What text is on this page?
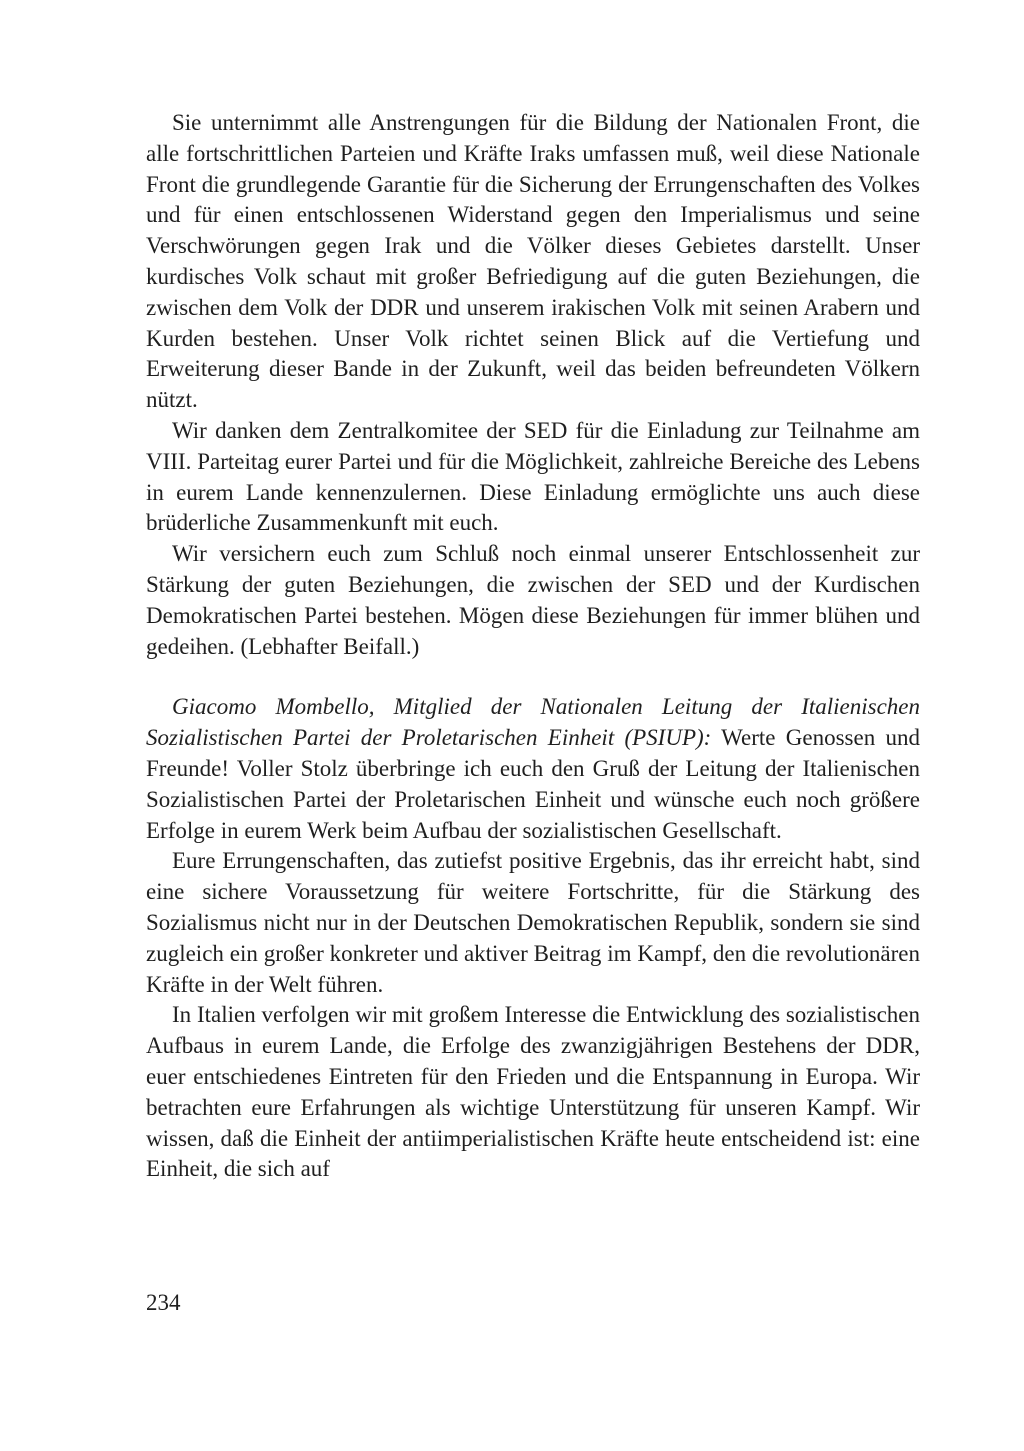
Sie unternimmt alle Anstrengungen für die Bildung der Nationalen Front, die alle fortschrittlichen Parteien und Kräfte Iraks umfassen muß, weil diese Nationale Front die grundlegende Garantie für die Sicherung der Errungenschaften des Volkes und für einen entschlossenen Widerstand gegen den Imperialismus und seine Verschwörungen gegen Irak und die Völker dieses Gebietes darstellt. Unser kurdisches Volk schaut mit großer Befriedigung auf die guten Beziehungen, die zwischen dem Volk der DDR und unserem irakischen Volk mit seinen Arabern und Kurden bestehen. Unser Volk richtet seinen Blick auf die Vertiefung und Erweiterung dieser Bande in der Zukunft, weil das beiden befreundeten Völkern nützt.

Wir danken dem Zentralkomitee der SED für die Einladung zur Teilnahme am VIII. Parteitag eurer Partei und für die Möglichkeit, zahlreiche Bereiche des Lebens in eurem Lande kennenzulernen. Diese Einladung ermöglichte uns auch diese brüderliche Zusammenkunft mit euch.

Wir versichern euch zum Schluß noch einmal unserer Entschlossenheit zur Stärkung der guten Beziehungen, die zwischen der SED und der Kurdischen Demokratischen Partei bestehen. Mögen diese Beziehungen für immer blühen und gedeihen. (Lebhafter Beifall.)

Giacomo Mombello, Mitglied der Nationalen Leitung der Italienischen Sozialistischen Partei der Proletarischen Einheit (PSIUP): Werte Genossen und Freunde! Voller Stolz überbringe ich euch den Gruß der Leitung der Italienischen Sozialistischen Partei der Proletarischen Einheit und wünsche euch noch größere Erfolge in eurem Werk beim Aufbau der sozialistischen Gesellschaft.

Eure Errungenschaften, das zutiefst positive Ergebnis, das ihr erreicht habt, sind eine sichere Voraussetzung für weitere Fortschritte, für die Stärkung des Sozialismus nicht nur in der Deutschen Demokratischen Republik, sondern sie sind zugleich ein großer konkreter und aktiver Beitrag im Kampf, den die revolutionären Kräfte in der Welt führen.

In Italien verfolgen wir mit großem Interesse die Entwicklung des sozialistischen Aufbaus in eurem Lande, die Erfolge des zwanzigjährigen Bestehens der DDR, euer entschiedenes Eintreten für den Frieden und die Entspannung in Europa. Wir betrachten eure Erfahrungen als wichtige Unterstützung für unseren Kampf. Wir wissen, daß die Einheit der antiimperialistischen Kräfte heute entscheidend ist: eine Einheit, die sich auf

234
